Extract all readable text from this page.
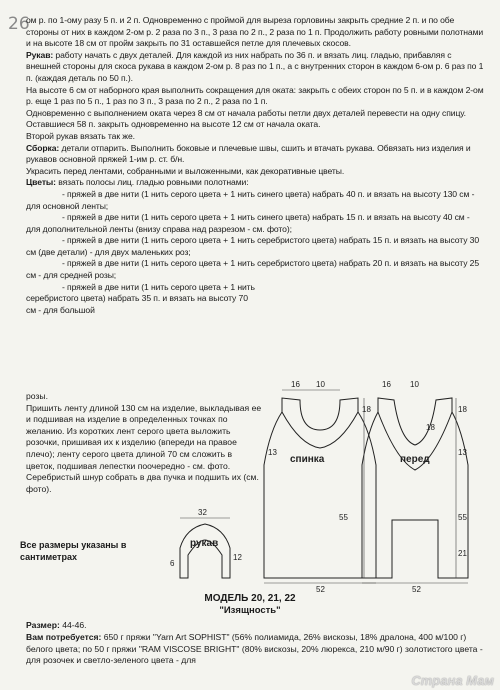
26

ом р. по 1-ому разу 5 п. и 2 п. Одновременно с проймой для выреза горловины закрыть средние 2 п. и по обе стороны от них в каждом 2-ом р. 2 раза по 3 п., 3 раза по 2 п., 2 раза по 1 п. Продолжить работу ровными полотнами и на высоте 18 см от пройм закрыть по 31 оставшейся петле для плечевых скосов.

Рукав: работу начать с двух деталей. Для каждой из них набрать по 36 п. и вязать лиц. гладью, прибавляя с внешней стороны для скоса рукава в каждом 2-ом р. 8 раз по 1 п., а с внутренних сторон в каждом 6-ом р. 6 раз по 1 п. (каждая деталь по 50 п.).

На высоте 6 см от наборного края выполнить сокращения для оката: закрыть с обеих сторон по 5 п. и в каждом 2-ом р. еще 1 раз по 5 п., 1 раз по 3 п., 3 раза по 2 п., 2 раза по 1 п.

Одновременно с выполнением оката через 8 см от начала работы петли двух деталей перевести на одну спицу. Оставшиеся 58 п. закрыть одновременно на высоте 12 см от начала оката.

Второй рукав вязать так же.

Сборка: детали отпарить. Выполнить боковые и плечевые швы, сшить и втачать рукава. Обвязать низ изделия и рукавов основной пряжей 1-им р. ст. б/н.

Украсить перед лентами, собранными и выложенными, как декоративные цветы.

Цветы: вязать полосы лиц. гладью ровными полотнами:

- пряжей в две нити (1 нить серого цвета + 1 нить синего цвета) набрать 40 п. и вязать на высоту 130 см - для основной ленты;

- пряжей в две нити (1 нить серого цвета + 1 нить синего цвета) набрать 15 п. и вязать на высоту 40 см - для дополнительной ленты (внизу справа над разрезом - см. фото);

- пряжей в две нити (1 нить серого цвета + 1 нить серебристого цвета) набрать 15 п. и вязать на высоту 30 см (две детали) - для двух маленьких роз;

- пряжей в две нити (1 нить серого цвета + 1 нить серебристого цвета) набрать 20 п. и вязать на высоту 25 см - для средней розы;

- пряжей в две нити (1 нить серого цвета + 1 нить серебристого цвета) набрать 35 п. и вязать на высоту 70 см - для большой

розы.

Пришить ленту длиной 130 см на изделие, выкладывая ее и подшивая на изделие в определенных точках по желанию. Из коротких лент серого цвета выложить розочки, пришивая их к изделию (впереди на правое плечо); ленту серого цвета длиной 70 см сложить в цветок, подшивая лепестки поочередно - см. фото.

Серебристый шнур собрать в два пучка и подшить их (см. фото).

Все размеры указаны в сантиметрах
16 10
18
13
55
52
16 10
18
18
13
55
21
52
32
6
12
спинка	перед
рукав
МОДЕЛЬ 20, 21, 22
"Изящность"

Размер: 44-46.

Вам потребуется: 650 г пряжи "Yarn Art SOPHIST" (56% полиамида, 26% вискозы, 18% дралона, 400 м/100 г) белого цвета; по 50 г пряжи "RAM VISCOSE BRIGHT" (80% вискозы, 20% люрекса, 210 м/90 г) золотистого цвета - для розочек и светло-зеленого цвета - для

Страна Мам
